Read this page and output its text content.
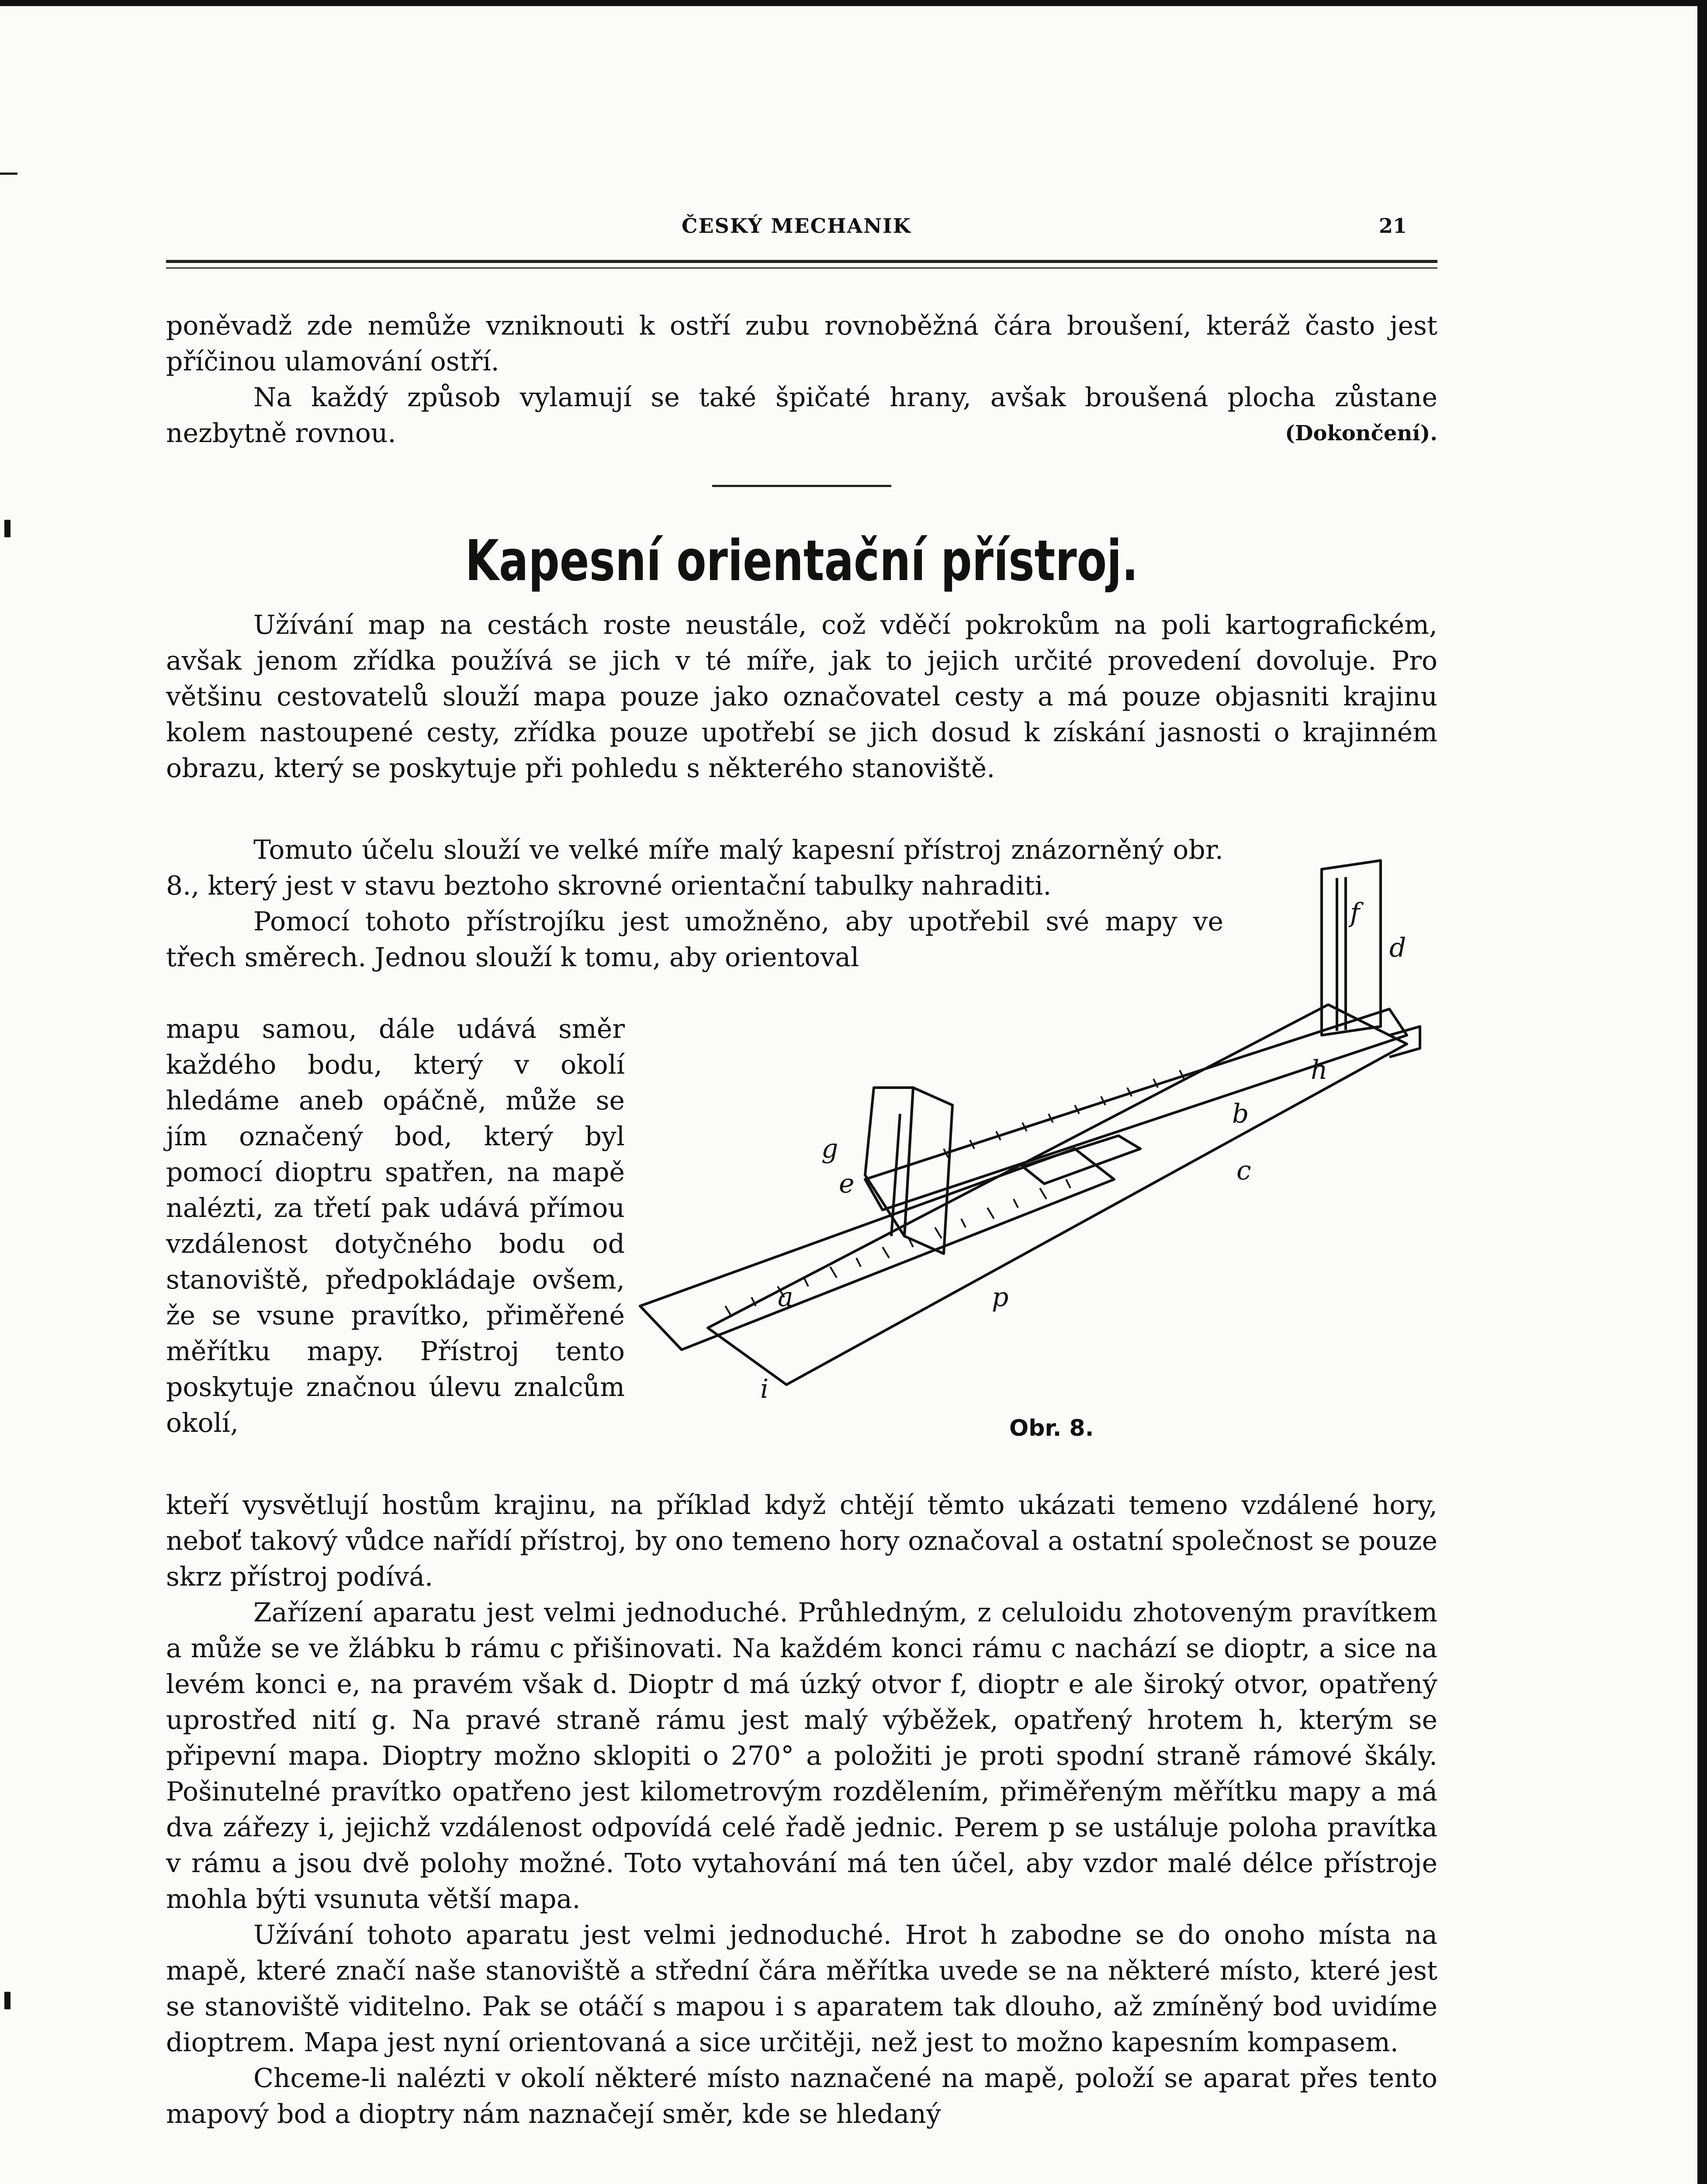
ČESKÝ MECHANIK	21

poněvadž zde nemůže vzniknouti k ostří zubu rovnoběžná čára broušení, kteráž často jest příčinou ulamování ostří.

Na každý způsob vylamují se také špičaté hrany, avšak broušená plocha zůstane nezbytně rovnou.	(Dokončení).

Kapesní orientační přístroj.

Užívání map na cestách roste neustále, což vděčí pokrokům na poli kartografickém, avšak jenom zřídka používá se jich v té míře, jak to jejich určité provedení dovoluje. Pro většinu cestovatelů slouží mapa pouze jako označovatel cesty a má pouze objasniti krajinu kolem nastoupené cesty, zřídka pouze upotřebí se jich dosud k získání jasnosti o krajinném obrazu, který se poskytuje při pohledu s některého stanoviště.

Tomuto účelu slouží ve velké míře malý kapesní přístroj znázorněný obr. 8., který jest v stavu beztoho skrovné orientační tabulky nahraditi.

Pomocí tohoto přístrojíku jest umožněno, aby upotřebil své mapy ve třech směrech. Jednou slouží k tomu, aby orientoval

mapu samou, dále udává směr každého bodu, který v okolí hledáme aneb opáčně, může se jím označený bod, který byl pomocí dioptru spatřen, na mapě nalézti, za třetí pak udává přímou vzdálenost dotyčného bodu od stanoviště, předpokládaje ovšem, že se vsune pravítko, přiměřené měřítku mapy. Přístroj tento poskytuje značnou úlevu znalcům okolí,

f
d
h
b
c
g
e
a
i
p
Obr. 8.

kteří vysvětlují hostům krajinu, na příklad když chtějí těmto ukázati temeno vzdálené hory, neboť takový vůdce nařídí přístroj, by ono temeno hory označoval a ostatní společnost se pouze skrz přístroj podívá.

Zařízení aparatu jest velmi jednoduché. Průhledným, z celuloidu zhotoveným pravítkem a může se ve žlábku b rámu c přišinovati. Na každém konci rámu c nachází se dioptr, a sice na levém konci e, na pravém však d. Dioptr d má úzký otvor f, dioptr e ale široký otvor, opatřený uprostřed nití g. Na pravé straně rámu jest malý výběžek, opatřený hrotem h, kterým se připevní mapa. Dioptry možno sklopiti o 270° a položiti je proti spodní straně rámové škály. Pošinutelné pravítko opatřeno jest kilometrovým rozdělením, přiměřeným měřítku mapy a má dva zářezy i, jejichž vzdálenost odpovídá celé řadě jednic. Perem p se ustáluje poloha pravítka v rámu a jsou dvě polohy možné. Toto vytahování má ten účel, aby vzdor malé délce přístroje mohla býti vsunuta větší mapa.

Užívání tohoto aparatu jest velmi jednoduché. Hrot h zabodne se do onoho místa na mapě, které značí naše stanoviště a střední čára měřítka uvede se na některé místo, které jest se stanoviště viditelno. Pak se otáčí s mapou i s aparatem tak dlouho, až zmíněný bod uvidíme dioptrem. Mapa jest nyní orientovaná a sice určitěji, než jest to možno kapesním kompasem.

Chceme-li nalézti v okolí některé místo naznačené na mapě, položí se aparat přes tento mapový bod a dioptry nám naznačejí směr, kde se hledaný
